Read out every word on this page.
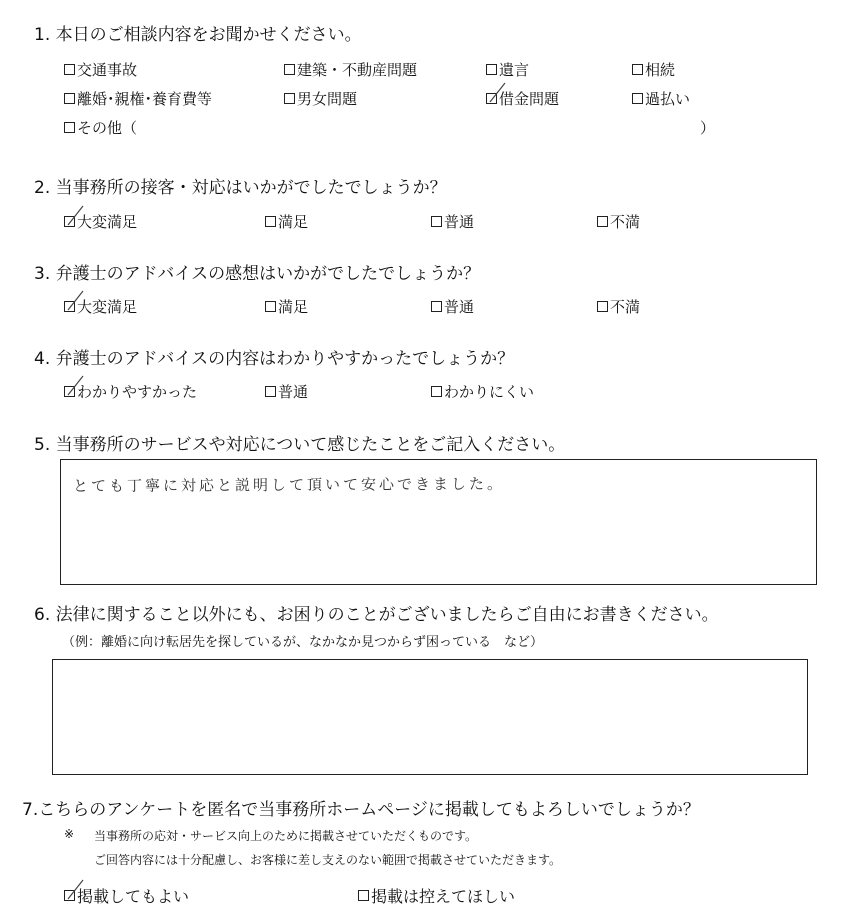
1. 本日のご相談内容をお聞かせください。
交通事故	建築・不動産問題	遺言	相続
離婚･親権･養育費等	男女問題	借金問題	過払い
その他（	）
2. 当事務所の接客・対応はいかがでしたでしょうか？
大変満足	満足	普通	不満
3. 弁護士のアドバイスの感想はいかがでしたでしょうか？
大変満足	満足	普通	不満
4. 弁護士のアドバイスの内容はわかりやすかったでしょうか？
わかりやすかった	普通	わかりにくい
5. 当事務所のサービスや対応について感じたことをご記入ください。
とても丁寧に対応と説明して頂いて安心できました。
6. 法律に関すること以外にも、お困りのことがございましたらご自由にお書きください。
（例：離婚に向け転居先を探しているが、なかなか見つからず困っている　など）
7.こちらのアンケートを匿名で当事務所ホームページに掲載してもよろしいでしょうか？
※ 当事務所の応対・サービス向上のために掲載させていただくものです。
ご回答内容には十分配慮し、お客様に差し支えのない範囲で掲載させていただきます。
掲載してもよい	掲載は控えてほしい
